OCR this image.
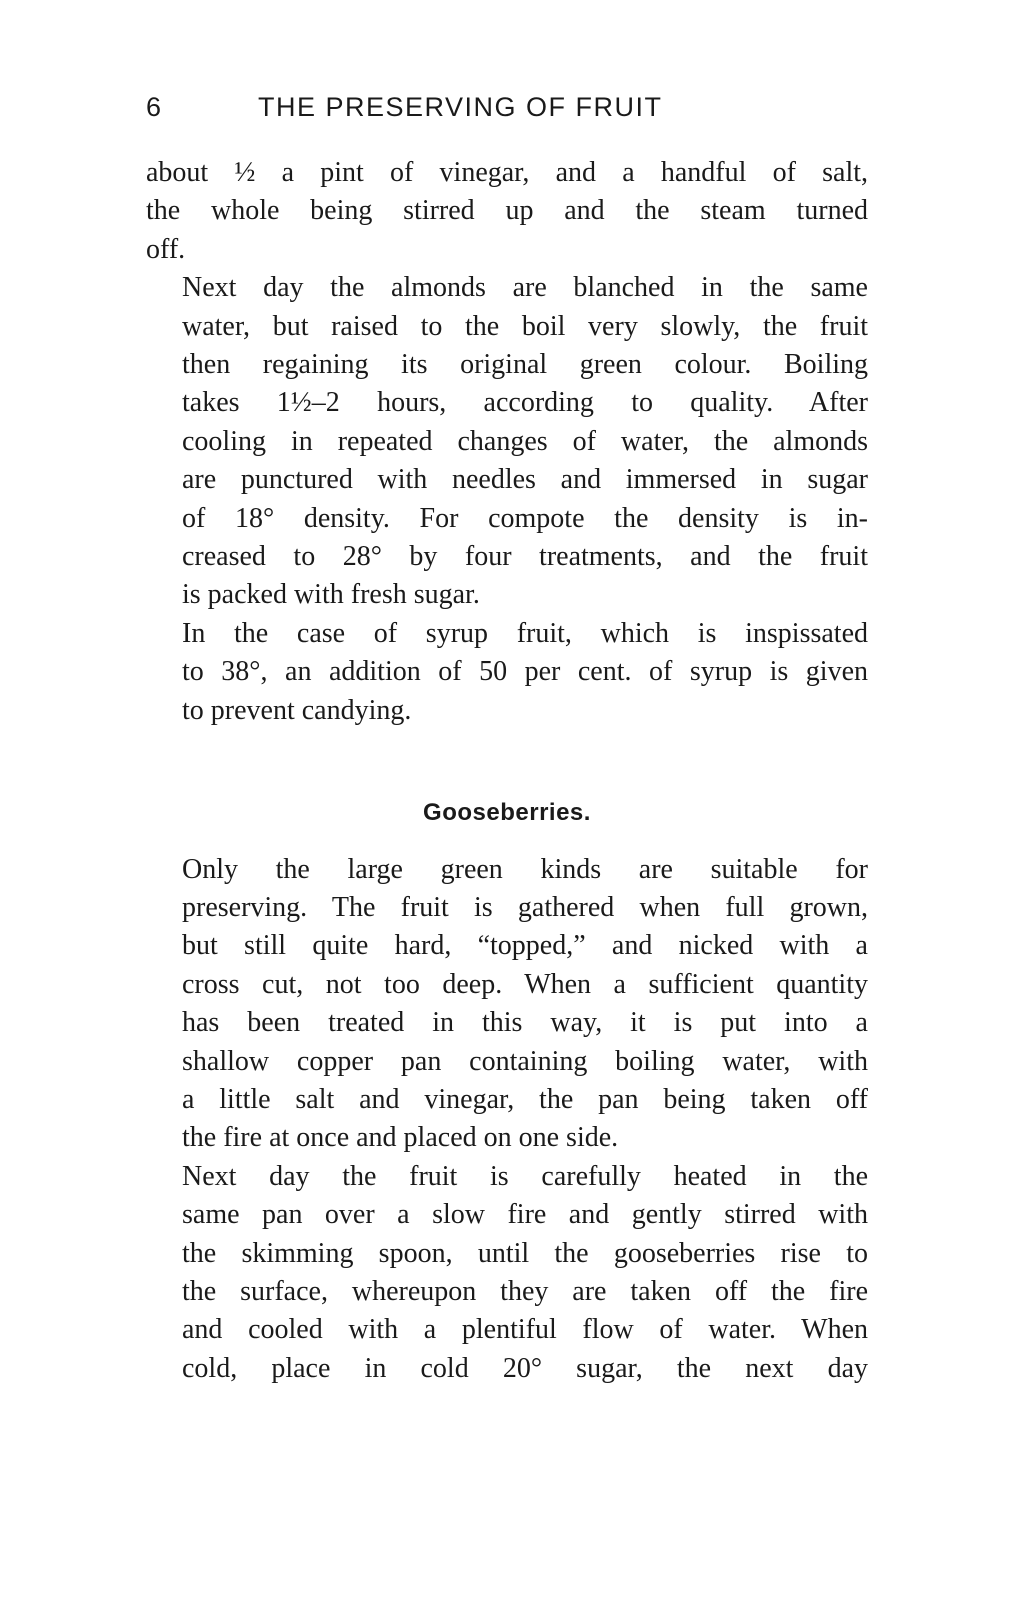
6	THE PRESERVING OF FRUIT

about ½ a pint of vinegar, and a handful of salt,
the whole being stirred up and the steam turned
off.

Next day the almonds are blanched in the same
water, but raised to the boil very slowly, the fruit
then regaining its original green colour. Boiling
takes 1½–2 hours, according to quality. After
cooling in repeated changes of water, the almonds
are punctured with needles and immersed in sugar
of 18° density. For compote the density is in-
creased to 28° by four treatments, and the fruit
is packed with fresh sugar.

In the case of syrup fruit, which is inspissated
to 38°, an addition of 50 per cent. of syrup is given
to prevent candying.

Gooseberries.

Only the large green kinds are suitable for
preserving. The fruit is gathered when full grown,
but still quite hard, “topped,” and nicked with a
cross cut, not too deep. When a sufficient quantity
has been treated in this way, it is put into a
shallow copper pan containing boiling water, with
a little salt and vinegar, the pan being taken off
the fire at once and placed on one side.

Next day the fruit is carefully heated in the
same pan over a slow fire and gently stirred with
the skimming spoon, until the gooseberries rise to
the surface, whereupon they are taken off the fire
and cooled with a plentiful flow of water. When
cold, place in cold 20° sugar, the next day
